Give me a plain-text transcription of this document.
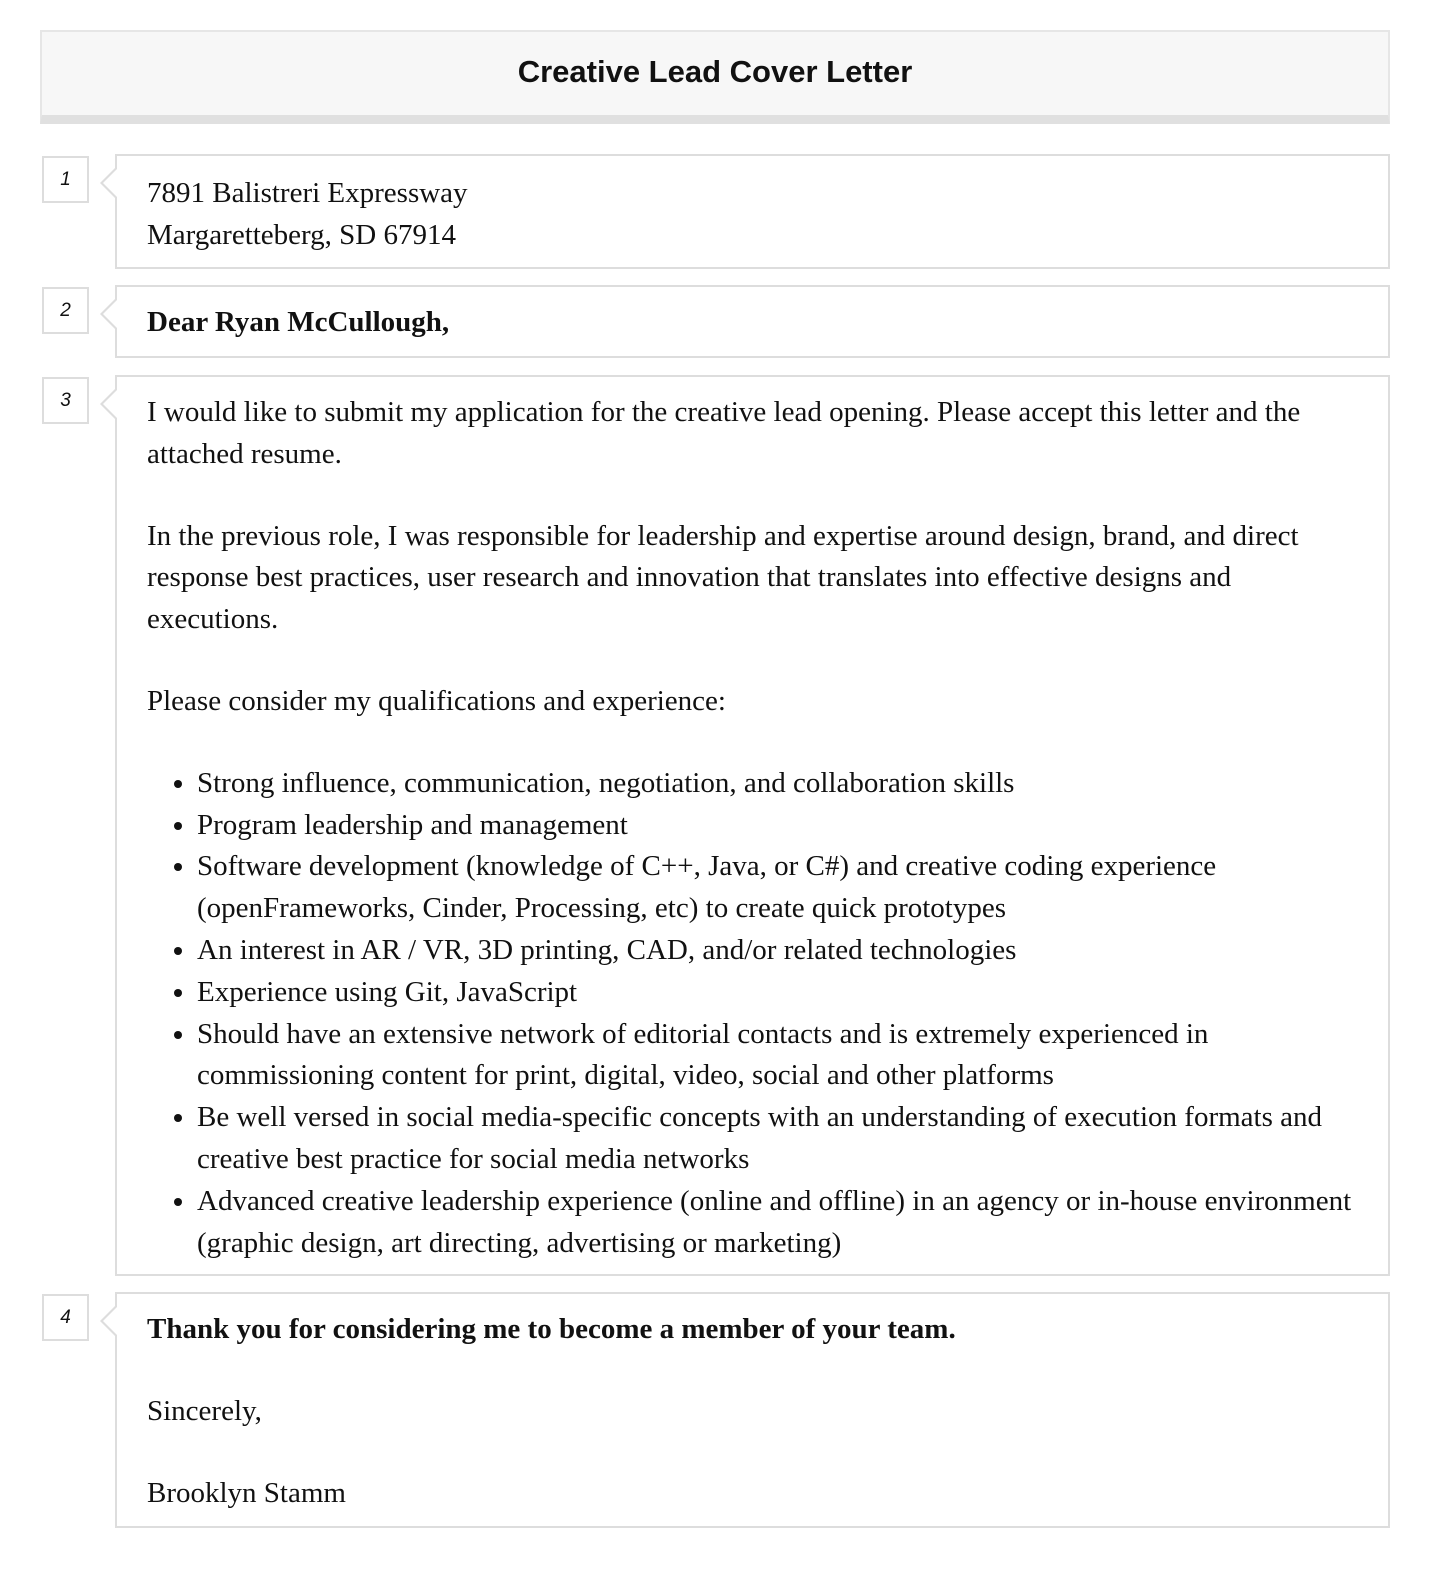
Creative Lead Cover Letter
1	7891 Balistreri Expressway
Margaretteberg, SD 67914
2	Dear Ryan McCullough,
3	I would like to submit my application for the creative lead opening. Please accept this letter and the attached resume.

In the previous role, I was responsible for leadership and expertise around design, brand, and direct response best practices, user research and innovation that translates into effective designs and executions.

Please consider my qualifications and experience:

• Strong influence, communication, negotiation, and collaboration skills
• Program leadership and management
• Software development (knowledge of C++, Java, or C#) and creative coding experience (openFrameworks, Cinder, Processing, etc) to create quick prototypes
• An interest in AR / VR, 3D printing, CAD, and/or related technologies
• Experience using Git, JavaScript
• Should have an extensive network of editorial contacts and is extremely experienced in commissioning content for print, digital, video, social and other platforms
• Be well versed in social media-specific concepts with an understanding of execution formats and creative best practice for social media networks
• Advanced creative leadership experience (online and offline) in an agency or in-house environment (graphic design, art directing, advertising or marketing)
4	Thank you for considering me to become a member of your team.

Sincerely,

Brooklyn Stamm
